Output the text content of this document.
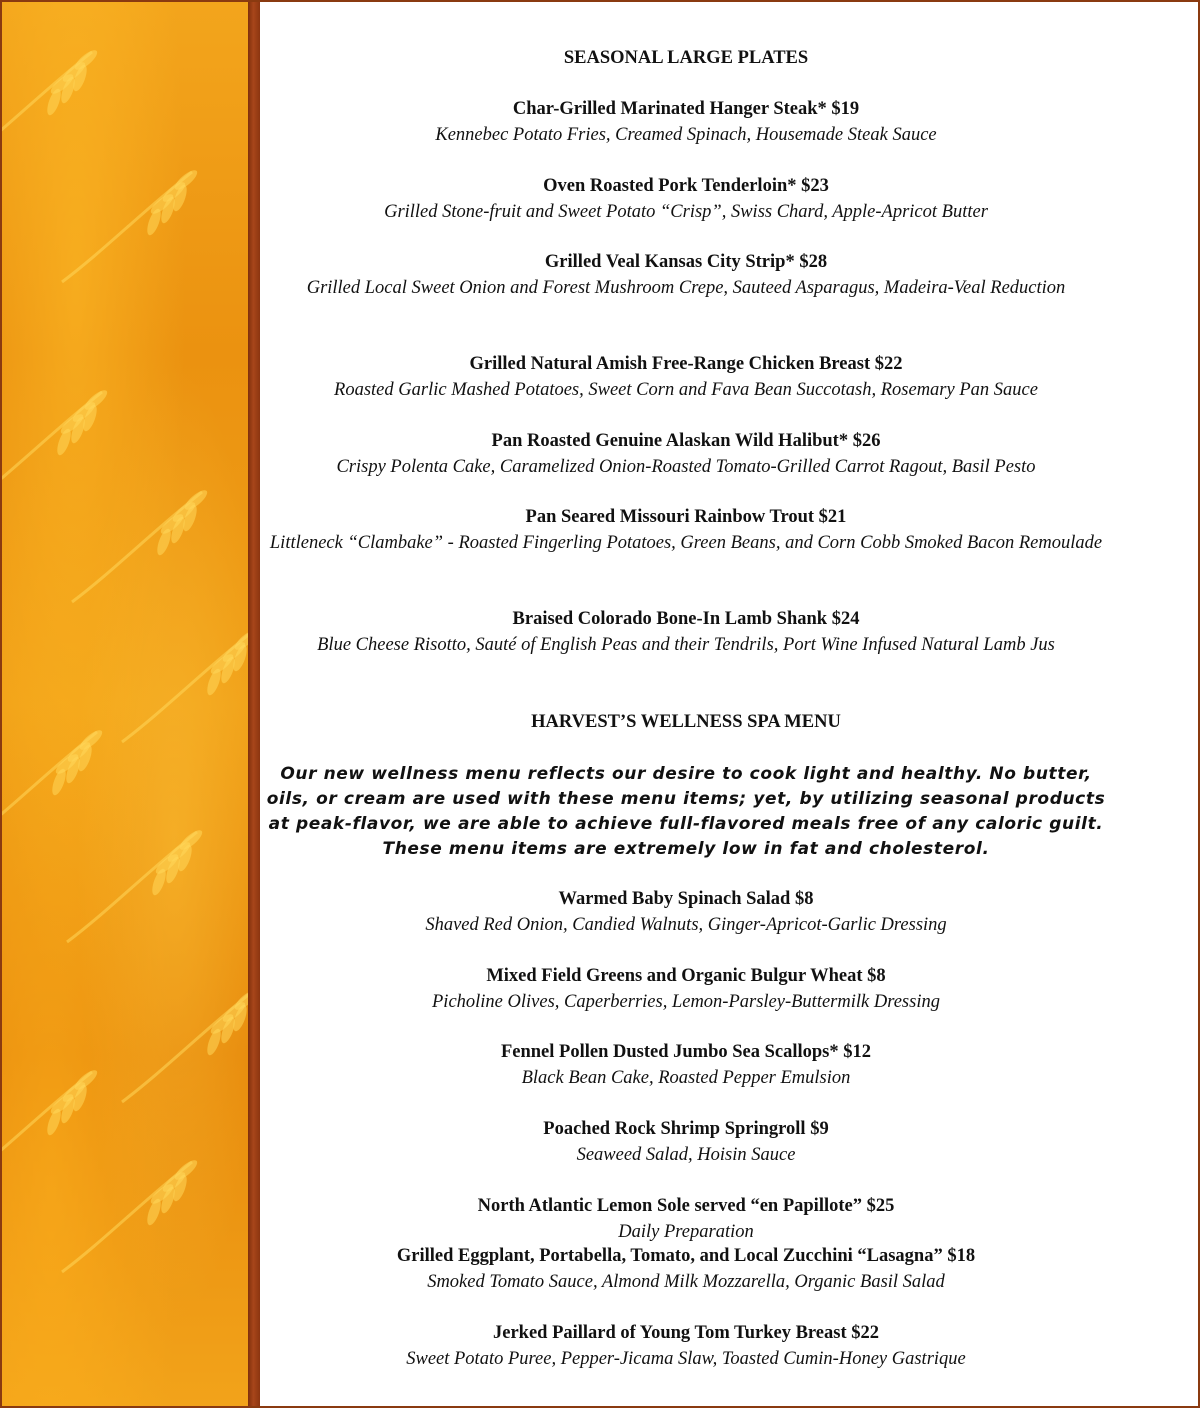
SEASONAL LARGE PLATES
Char-Grilled Marinated Hanger Steak* $19
Kennebec Potato Fries, Creamed Spinach, Housemade Steak Sauce
Oven Roasted Pork Tenderloin* $23
Grilled Stone-fruit and Sweet Potato “Crisp”, Swiss Chard, Apple-Apricot Butter
Grilled Veal Kansas City Strip* $28
Grilled Local Sweet Onion and Forest Mushroom Crepe, Sauteed Asparagus, Madeira-Veal Reduction
Grilled Natural Amish Free-Range Chicken Breast $22
Roasted Garlic Mashed Potatoes, Sweet Corn and Fava Bean Succotash, Rosemary Pan Sauce
Pan Roasted Genuine Alaskan Wild Halibut* $26
Crispy Polenta Cake, Caramelized Onion-Roasted Tomato-Grilled Carrot Ragout, Basil Pesto
Pan Seared Missouri Rainbow Trout $21
Littleneck “Clambake” - Roasted Fingerling Potatoes, Green Beans, and Corn Cobb Smoked Bacon Remoulade
Braised Colorado Bone-In Lamb Shank $24
Blue Cheese Risotto, Sauté of English Peas and their Tendrils, Port Wine Infused Natural Lamb Jus
HARVEST’S WELLNESS SPA MENU
Our new wellness menu reflects our desire to cook light and healthy. No butter, oils, or cream are used with these menu items; yet, by utilizing seasonal products at peak-flavor, we are able to achieve full-flavored meals free of any caloric guilt. These menu items are extremely low in fat and cholesterol.
Warmed Baby Spinach Salad $8
Shaved Red Onion, Candied Walnuts, Ginger-Apricot-Garlic Dressing
Mixed Field Greens and Organic Bulgur Wheat $8
Picholine Olives, Caperberries, Lemon-Parsley-Buttermilk Dressing
Fennel Pollen Dusted Jumbo Sea Scallops* $12
Black Bean Cake, Roasted Pepper Emulsion
Poached Rock Shrimp Springroll $9
Seaweed Salad, Hoisin Sauce
North Atlantic Lemon Sole served “en Papillote” $25
Daily Preparation
Grilled Eggplant, Portabella, Tomato, and Local Zucchini “Lasagna” $18
Smoked Tomato Sauce, Almond Milk Mozzarella, Organic Basil Salad
Jerked Paillard of Young Tom Turkey Breast $22
Sweet Potato Puree, Pepper-Jicama Slaw, Toasted Cumin-Honey Gastrique
